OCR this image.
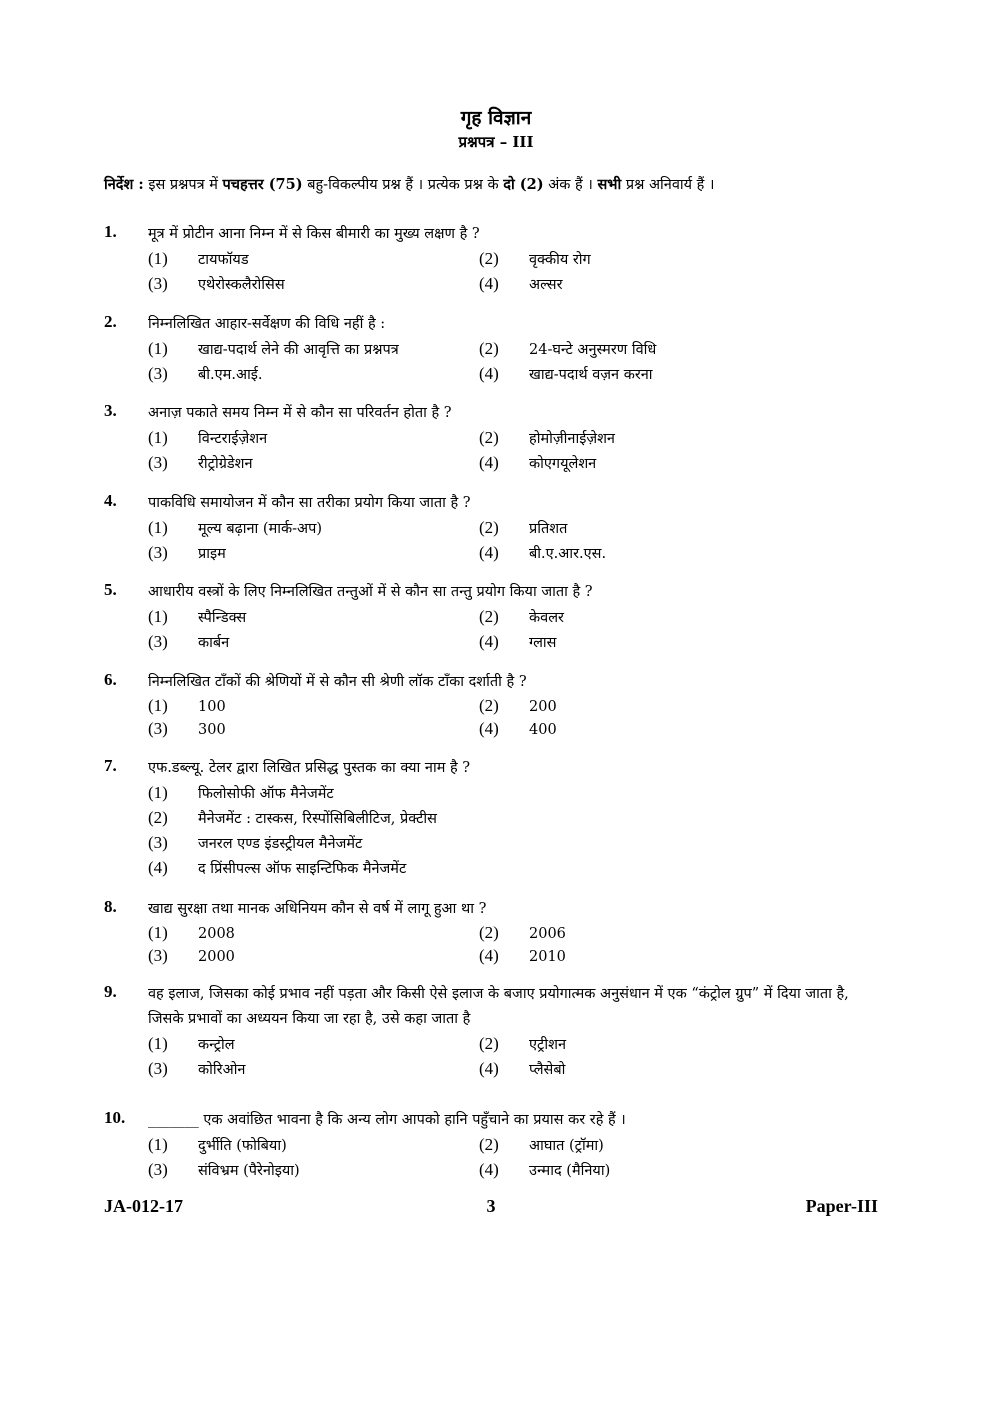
गृह विज्ञान
प्रश्नपत्र – III
निर्देश : इस प्रश्नपत्र में पचहत्तर (75) बहु-विकल्पीय प्रश्न हैं । प्रत्येक प्रश्न के दो (2) अंक हैं । सभी प्रश्न अनिवार्य हैं ।
1. मूत्र में प्रोटीन आना निम्न में से किस बीमारी का मुख्य लक्षण है ?
(1) टायफॉयड	(2) वृक्कीय रोग
(3) एथेरोस्कलैरोसिस	(4) अल्सर
2. निम्नलिखित आहार-सर्वेक्षण की विधि नहीं है :
(1) खाद्य-पदार्थ लेने की आवृत्ति का प्रश्नपत्र	(2) 24-घन्टे अनुस्मरण विधि
(3) बी.एम.आई.	(4) खाद्य-पदार्थ वज़न करना
3. अनाज़ पकाते समय निम्न में से कौन सा परिवर्तन होता है ?
(1) विन्टराईज़ेशन	(2) होमोज़ीनाईज़ेशन
(3) रीट्रोग्रेडेशन	(4) कोएगयूलेशन
4. पाकविधि समायोजन में कौन सा तरीका प्रयोग किया जाता है ?
(1) मूल्य बढ़ाना (मार्क-अप)	(2) प्रतिशत
(3) प्राइम	(4) बी.ए.आर.एस.
5. आधारीय वस्त्रों के लिए निम्नलिखित तन्तुओं में से कौन सा तन्तु प्रयोग किया जाता है ?
(1) स्पैन्डिक्स	(2) केवलर
(3) कार्बन	(4) ग्लास
6. निम्नलिखित टाँकों की श्रेणियों में से कौन सी श्रेणी लॉक टाँका दर्शाती है ?
(1) 100	(2) 200
(3) 300	(4) 400
7. एफ.डब्ल्यू. टेलर द्वारा लिखित प्रसिद्ध पुस्तक का क्या नाम है ?
(1) फिलोसोफी ऑफ मैनेजमेंट
(2) मैनेजमेंट : टास्कस, रिस्पोंसिबिलीटिज, प्रेक्टीस
(3) जनरल एण्ड इंडस्ट्रीयल मैनेजमेंट
(4) द प्रिंसीपल्स ऑफ साइन्टिफिक मैनेजमेंट
8. खाद्य सुरक्षा तथा मानक अधिनियम कौन से वर्ष में लागू हुआ था ?
(1) 2008	(2) 2006
(3) 2000	(4) 2010
9. वह इलाज, जिसका कोई प्रभाव नहीं पड़ता और किसी ऐसे इलाज के बजाए प्रयोगात्मक अनुसंधान में एक “कंट्रोल ग्रुप” में दिया जाता है, जिसके प्रभावों का अध्ययन किया जा रहा है, उसे कहा जाता है
(1) कन्ट्रोल	(2) एट्रीशन
(3) कोरिओन	(4) प्लैसेबो
10. _______ एक अवांछित भावना है कि अन्य लोग आपको हानि पहुँचाने का प्रयास कर रहे हैं ।
(1) दुर्भीति (फोबिया)	(2) आघात (ट्रॉमा)
(3) संविभ्रम (पैरेनोइया)	(4) उन्माद (मैनिया)
JA-012-17	3	Paper-III
